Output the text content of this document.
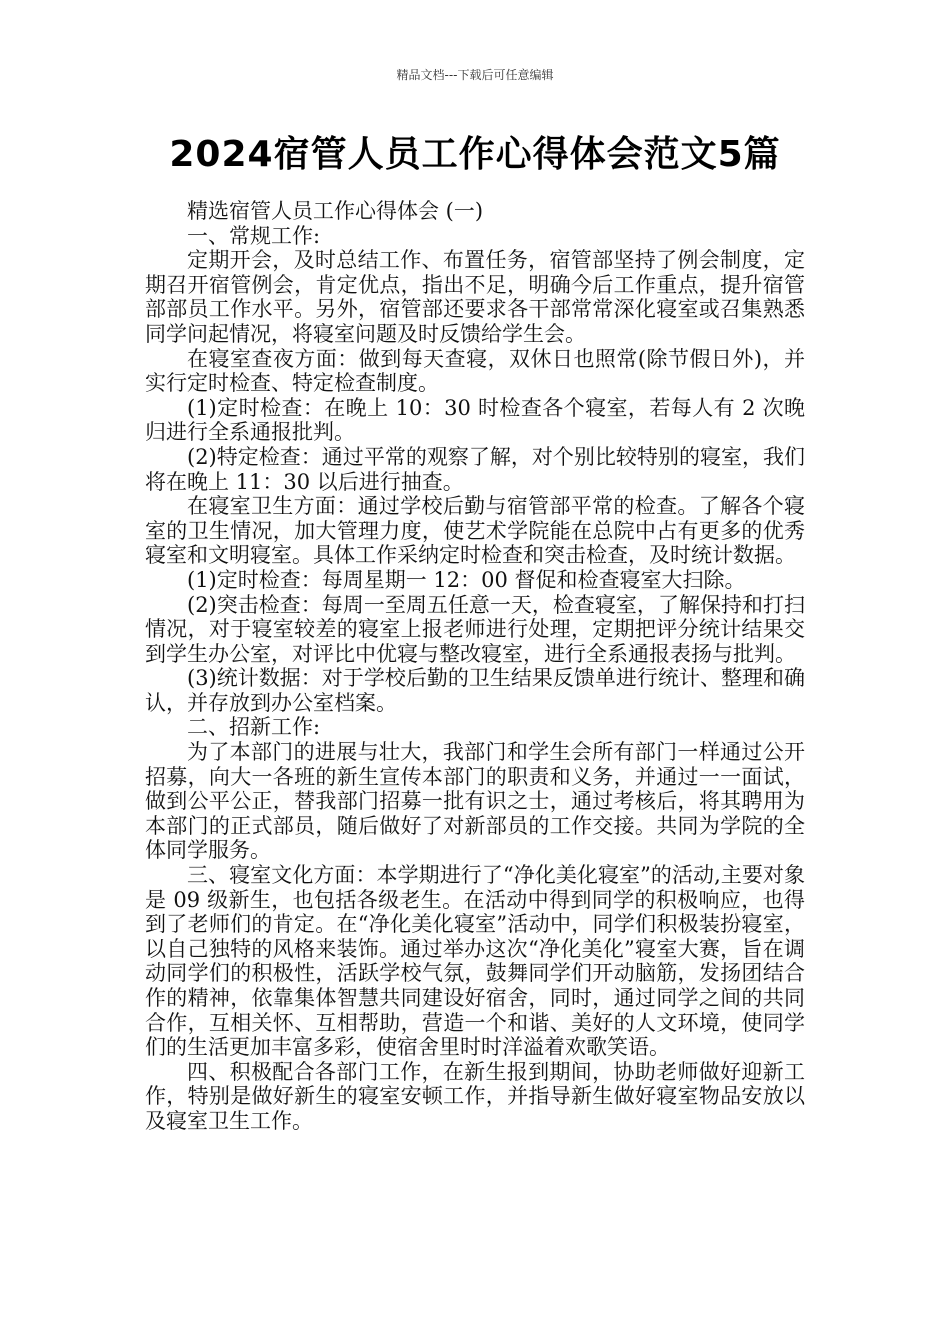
精品文档---下载后可任意编辑
2024宿管人员工作心得体会范文5篇

精选宿管人员工作心得体会 (一)

一、常规工作:

定期开会，及时总结工作、布置任务，宿管部坚持了例会制度，定期召开宿管例会，肯定优点，指出不足，明确今后工作重点，提升宿管部部员工作水平。另外，宿管部还要求各干部常常深化寝室或召集熟悉同学问起情况，将寝室问题及时反馈给学生会。

在寝室查夜方面：做到每天查寝，双休日也照常(除节假日外)，并实行定时检查、特定检查制度。

(1)定时检查：在晚上 10：30 时检查各个寝室，若每人有 2 次晚归进行全系通报批判。

(2)特定检查：通过平常的观察了解，对个别比较特别的寝室，我们将在晚上 11：30 以后进行抽查。

在寝室卫生方面：通过学校后勤与宿管部平常的检查。了解各个寝室的卫生情况，加大管理力度，使艺术学院能在总院中占有更多的优秀寝室和文明寝室。具体工作采纳定时检查和突击检查，及时统计数据。

(1)定时检查：每周星期一 12：00 督促和检查寝室大扫除。

(2)突击检查：每周一至周五任意一天，检查寝室，了解保持和打扫情况，对于寝室较差的寝室上报老师进行处理，定期把评分统计结果交到学生办公室，对评比中优寝与整改寝室，进行全系通报表扬与批判。

(3)统计数据：对于学校后勤的卫生结果反馈单进行统计、整理和确认，并存放到办公室档案。

二、招新工作:

为了本部门的进展与壮大，我部门和学生会所有部门一样通过公开招募，向大一各班的新生宣传本部门的职责和义务，并通过一一面试，做到公平公正，替我部门招募一批有识之士，通过考核后，将其聘用为本部门的正式部员，随后做好了对新部员的工作交接。共同为学院的全体同学服务。

三、寝室文化方面：本学期进行了“净化美化寝室”的活动,主要对象是 09 级新生，也包括各级老生。在活动中得到同学的积极响应，也得到了老师们的肯定。在“净化美化寝室”活动中，同学们积极装扮寝室，以自己独特的风格来装饰。通过举办这次“净化美化”寝室大赛，旨在调动同学们的积极性，活跃学校气氛，鼓舞同学们开动脑筋，发扬团结合作的精神，依靠集体智慧共同建设好宿舍，同时，通过同学之间的共同合作，互相关怀、互相帮助，营造一个和谐、美好的人文环境，使同学们的生活更加丰富多彩，使宿舍里时时洋溢着欢歌笑语。

四、积极配合各部门工作，在新生报到期间，协助老师做好迎新工作，特别是做好新生的寝室安顿工作，并指导新生做好寝室物品安放以及寝室卫生工作。
